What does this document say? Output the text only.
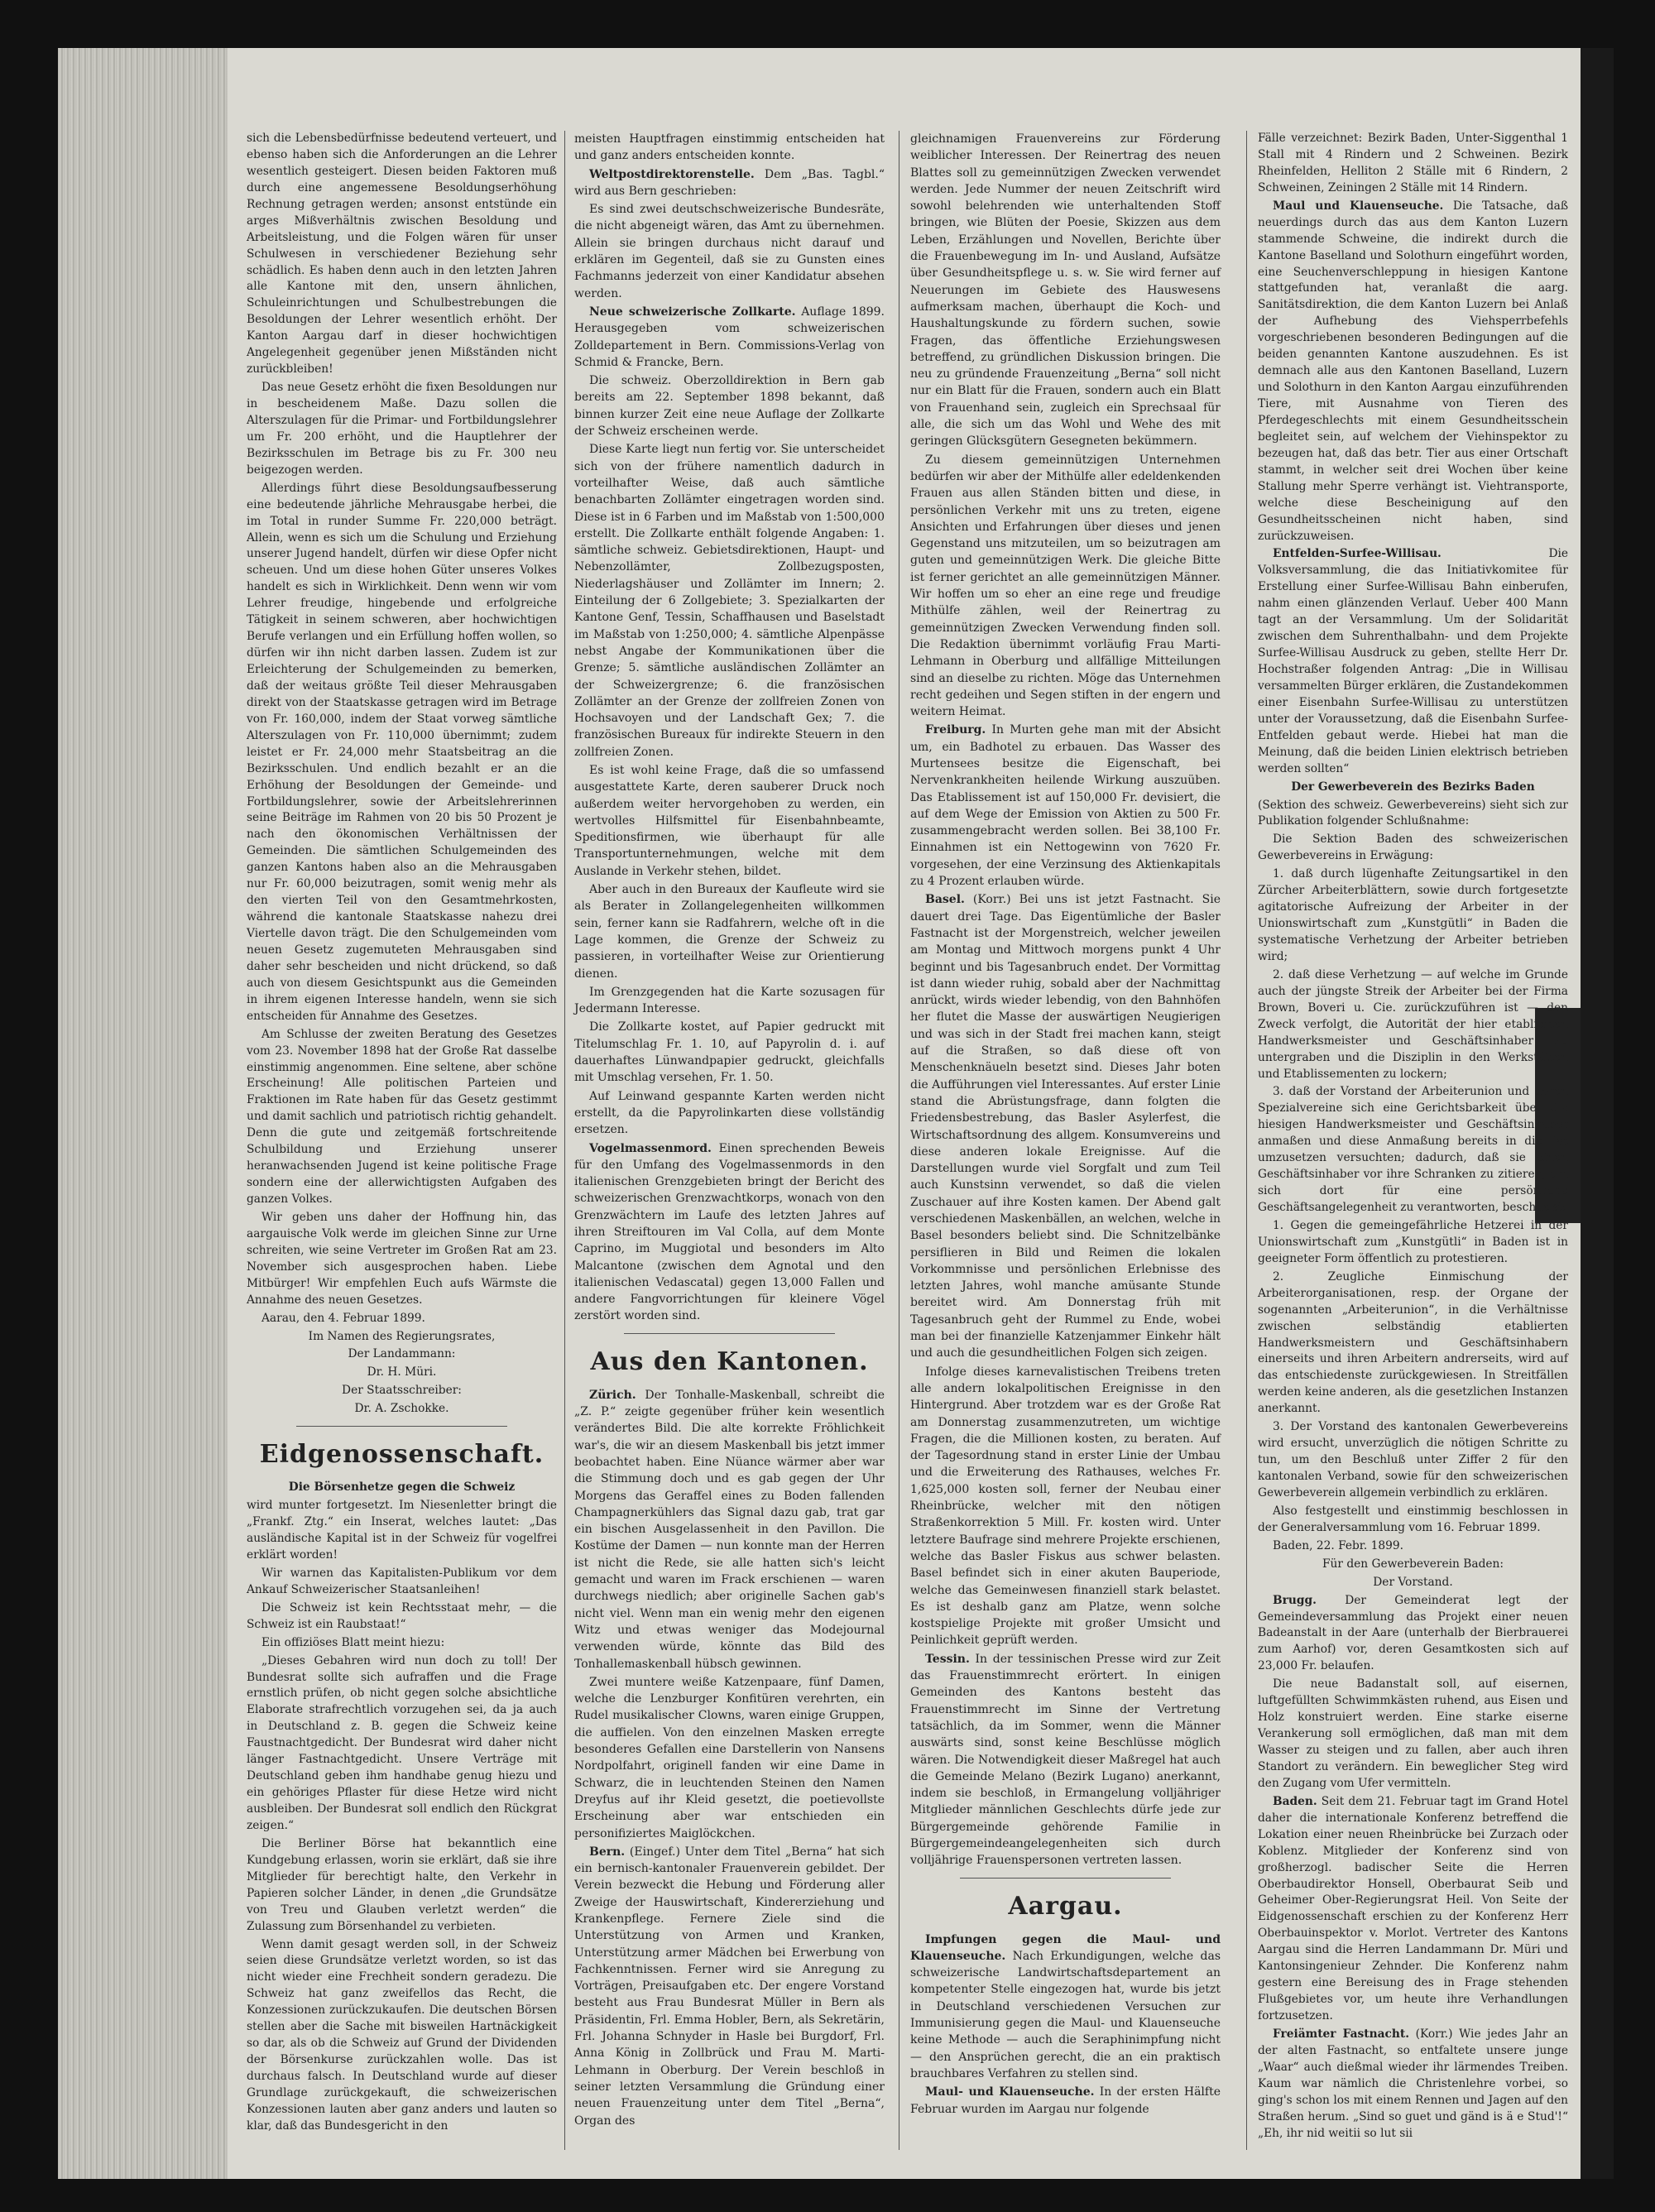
sich die Lebensbedürfnisse bedeutend verteuert, und ebenso haben sich die Anforderungen an die Lehrer wesentlich gesteigert. Diesen beiden Faktoren muß durch eine angemessene Besoldungserhöhung Rechnung getragen werden; ansonst entstünde ein arges Mißverhältnis zwischen Besoldung und Arbeitsleistung, und die Folgen wären für unser Schulwesen in verschiedener Beziehung sehr schädlich. Es haben denn auch in den letzten Jahren alle Kantone mit den, unsern ähnlichen, Schuleinrichtungen und Schulbestrebungen die Besoldungen der Lehrer wesentlich erhöht. Der Kanton Aargau darf in dieser hochwichtigen Angelegenheit gegenüber jenen Mißständen nicht zurückbleiben!

Das neue Gesetz erhöht die fixen Besoldungen nur in bescheidenem Maße. Dazu sollen die Alterszulagen für die Primar- und Fortbildungslehrer um Fr. 200 erhöht, und die Hauptlehrer der Bezirksschulen im Betrage bis zu Fr. 300 neu beigezogen werden.

Allerdings führt diese Besoldungsaufbesserung eine bedeutende jährliche Mehrausgabe herbei, die im Total in runder Summe Fr. 220,000 beträgt. Allein, wenn es sich um die Schulung und Erziehung unserer Jugend handelt, dürfen wir diese Opfer nicht scheuen. Und um diese hohen Güter unseres Volkes handelt es sich in Wirklichkeit. Denn wenn wir vom Lehrer freudige, hingebende und erfolgreiche Tätigkeit in seinem schweren, aber hochwichtigen Berufe verlangen und ein Erfüllung hoffen wollen, so dürfen wir ihn nicht darben lassen. Zudem ist zur Erleichterung der Schulgemeinden zu bemerken, daß der weitaus größte Teil dieser Mehrausgaben direkt von der Staatskasse getragen wird im Betrage von Fr. 160,000, indem der Staat vorweg sämtliche Alterszulagen von Fr. 110,000 übernimmt; zudem leistet er Fr. 24,000 mehr Staatsbeitrag an die Bezirksschulen. Und endlich bezahlt er an die Erhöhung der Besoldungen der Gemeinde- und Fortbildungslehrer, sowie der Arbeitslehrerinnen seine Beiträge im Rahmen von 20 bis 50 Prozent je nach den ökonomischen Verhältnissen der Gemeinden. Die sämtlichen Schulgemeinden des ganzen Kantons haben also an die Mehrausgaben nur Fr. 60,000 beizutragen, somit wenig mehr als den vierten Teil von den Gesamtmehrkosten, während die kantonale Staatskasse nahezu drei Viertelle davon trägt. Die den Schulgemeinden vom neuen Gesetz zugemuteten Mehrausgaben sind daher sehr bescheiden und nicht drückend, so daß auch von diesem Gesichtspunkt aus die Gemeinden in ihrem eigenen Interesse handeln, wenn sie sich entscheiden für Annahme des Gesetzes.

Am Schlusse der zweiten Beratung des Gesetzes vom 23. November 1898 hat der Große Rat dasselbe einstimmig angenommen. Eine seltene, aber schöne Erscheinung! Alle politischen Parteien und Fraktionen im Rate haben für das Gesetz gestimmt und damit sachlich und patriotisch richtig gehandelt. Denn die gute und zeitgemäß fortschreitende Schulbildung und Erziehung unserer heranwachsenden Jugend ist keine politische Frage sondern eine der allerwichtigsten Aufgaben des ganzen Volkes.

Wir geben uns daher der Hoffnung hin, das aargauische Volk werde im gleichen Sinne zur Urne schreiten, wie seine Vertreter im Großen Rat am 23. November sich ausgesprochen haben. Liebe Mitbürger! Wir empfehlen Euch aufs Wärmste die Annahme des neuen Gesetzes.

Aarau, den 4. Februar 1899.

Im Namen des Regierungsrates,

Der Landammann:

Dr. H. Müri.

Der Staatsschreiber:

Dr. A. Zschokke.

Eidgenossenschaft.

Die Börsenhetze gegen die Schweiz

wird munter fortgesetzt. Im Niesenletter bringt die „Frankf. Ztg.“ ein Inserat, welches lautet: „Das ausländische Kapital ist in der Schweiz für vogelfrei erklärt worden!

Wir warnen das Kapitalisten-Publikum vor dem Ankauf Schweizerischer Staatsanleihen!

Die Schweiz ist kein Rechtsstaat mehr, — die Schweiz ist ein Raubstaat!“

Ein offiziöses Blatt meint hiezu:

„Dieses Gebahren wird nun doch zu toll! Der Bundesrat sollte sich aufraffen und die Frage ernstlich prüfen, ob nicht gegen solche absichtliche Elaborate strafrechtlich vorzugehen sei, da ja auch in Deutschland z. B. gegen die Schweiz keine Faustnachtgedicht. Der Bundesrat wird daher nicht länger Fastnachtgedicht. Unsere Verträge mit Deutschland geben ihm handhabe genug hiezu und ein gehöriges Pflaster für diese Hetze wird nicht ausbleiben. Der Bundesrat soll endlich den Rückgrat zeigen.“

Die Berliner Börse hat bekanntlich eine Kundgebung erlassen, worin sie erklärt, daß sie ihre Mitglieder für berechtigt halte, den Verkehr in Papieren solcher Länder, in denen „die Grundsätze von Treu und Glauben verletzt werden“ die Zulassung zum Börsenhandel zu verbieten.

Wenn damit gesagt werden soll, in der Schweiz seien diese Grundsätze verletzt worden, so ist das nicht wieder eine Frechheit sondern geradezu. Die Schweiz hat ganz zweifellos das Recht, die Konzessionen zurückzukaufen. Die deutschen Börsen stellen aber die Sache mit bisweilen Hartnäckigkeit so dar, als ob die Schweiz auf Grund der Dividenden der Börsenkurse zurückzahlen wolle. Das ist durchaus falsch. In Deutschland wurde auf dieser Grundlage zurückgekauft, die schweizerischen Konzessionen lauten aber ganz anders und lauten so klar, daß das Bundesgericht in den

meisten Hauptfragen einstimmig entscheiden hat und ganz anders entscheiden konnte.

Weltpostdirektorenstelle. Dem „Bas. Tagbl.“ wird aus Bern geschrieben:

Es sind zwei deutschschweizerische Bundesräte, die nicht abgeneigt wären, das Amt zu übernehmen. Allein sie bringen durchaus nicht darauf und erklären im Gegenteil, daß sie zu Gunsten eines Fachmanns jederzeit von einer Kandidatur absehen werden.

Neue schweizerische Zollkarte. Auflage 1899. Herausgegeben vom schweizerischen Zolldepartement in Bern. Commissions-Verlag von Schmid & Francke, Bern.

Die schweiz. Oberzolldirektion in Bern gab bereits am 22. September 1898 bekannt, daß binnen kurzer Zeit eine neue Auflage der Zollkarte der Schweiz erscheinen werde.

Diese Karte liegt nun fertig vor. Sie unterscheidet sich von der frühere namentlich dadurch in vorteilhafter Weise, daß auch sämtliche benachbarten Zollämter eingetragen worden sind. Diese ist in 6 Farben und im Maßstab von 1:500,000 erstellt. Die Zollkarte enthält folgende Angaben: 1. sämtliche schweiz. Gebietsdirektionen, Haupt- und Nebenzollämter, Zollbezugsposten, Niederlagshäuser und Zollämter im Innern; 2. Einteilung der 6 Zollgebiete; 3. Spezialkarten der Kantone Genf, Tessin, Schaffhausen und Baselstadt im Maßstab von 1:250,000; 4. sämtliche Alpenpässe nebst Angabe der Kommunikationen über die Grenze; 5. sämtliche ausländischen Zollämter an der Schweizergrenze; 6. die französischen Zollämter an der Grenze der zollfreien Zonen von Hochsavoyen und der Landschaft Gex; 7. die französischen Bureaux für indirekte Steuern in den zollfreien Zonen.

Es ist wohl keine Frage, daß die so umfassend ausgestattete Karte, deren sauberer Druck noch außerdem weiter hervorgehoben zu werden, ein wertvolles Hilfsmittel für Eisenbahnbeamte, Speditionsfirmen, wie überhaupt für alle Transportunternehmungen, welche mit dem Auslande in Verkehr stehen, bildet.

Aber auch in den Bureaux der Kaufleute wird sie als Berater in Zollangelegenheiten willkommen sein, ferner kann sie Radfahrern, welche oft in die Lage kommen, die Grenze der Schweiz zu passieren, in vorteilhafter Weise zur Orientierung dienen.

Im Grenzgegenden hat die Karte sozusagen für Jedermann Interesse.

Die Zollkarte kostet, auf Papier gedruckt mit Titelumschlag Fr. 1. 10, auf Papyrolin d. i. auf dauerhaftes Lünwandpapier gedruckt, gleichfalls mit Umschlag versehen, Fr. 1. 50.

Auf Leinwand gespannte Karten werden nicht erstellt, da die Papyrolinkarten diese vollständig ersetzen.

Vogelmassenmord. Einen sprechenden Beweis für den Umfang des Vogelmassenmords in den italienischen Grenzgebieten bringt der Bericht des schweizerischen Grenzwachtkorps, wonach von den Grenzwächtern im Laufe des letzten Jahres auf ihren Streiftouren im Val Colla, auf dem Monte Caprino, im Muggiotal und besonders im Alto Malcantone (zwischen dem Agnotal und den italienischen Vedascatal) gegen 13,000 Fallen und andere Fangvorrichtungen für kleinere Vögel zerstört worden sind.

Aus den Kantonen.

Zürich. Der Tonhalle-Maskenball, schreibt die „Z. P.“ zeigte gegenüber früher kein wesentlich verändertes Bild. Die alte korrekte Fröhlichkeit war's, die wir an diesem Maskenball bis jetzt immer beobachtet haben. Eine Nüance wärmer aber war die Stimmung doch und es gab gegen der Uhr Morgens das Geraffel eines zu Boden fallenden Champagnerkühlers das Signal dazu gab, trat gar ein bischen Ausgelassenheit in den Pavillon. Die Kostüme der Damen — nun konnte man der Herren ist nicht die Rede, sie alle hatten sich's leicht gemacht und waren im Frack erschienen — waren durchwegs niedlich; aber originelle Sachen gab's nicht viel. Wenn man ein wenig mehr den eigenen Witz und etwas weniger das Modejournal verwenden würde, könnte das Bild des Tonhallemaskenball hübsch gewinnen.

Zwei muntere weiße Katzenpaare, fünf Damen, welche die Lenzburger Konfitüren verehrten, ein Rudel musikalischer Clowns, waren einige Gruppen, die auffielen. Von den einzelnen Masken erregte besonderes Gefallen eine Darstellerin von Nansens Nordpolfahrt, originell fanden wir eine Dame in Schwarz, die in leuchtenden Steinen den Namen Dreyfus auf ihr Kleid gesetzt, die poetievollste Erscheinung aber war entschieden ein personifiziertes Maiglöckchen.

Bern. (Eingef.) Unter dem Titel „Berna“ hat sich ein bernisch-kantonaler Frauenverein gebildet. Der Verein bezweckt die Hebung und Förderung aller Zweige der Hauswirtschaft, Kindererziehung und Krankenpflege. Fernere Ziele sind die Unterstützung von Armen und Kranken, Unterstützung armer Mädchen bei Erwerbung von Fachkenntnissen. Ferner wird sie Anregung zu Vorträgen, Preisaufgaben etc. Der engere Vorstand besteht aus Frau Bundesrat Müller in Bern als Präsidentin, Frl. Emma Hobler, Bern, als Sekretärin, Frl. Johanna Schnyder in Hasle bei Burgdorf, Frl. Anna König in Zollbrück und Frau M. Marti-Lehmann in Oberburg. Der Verein beschloß in seiner letzten Versammlung die Gründung einer neuen Frauenzeitung unter dem Titel „Berna“, Organ des

gleichnamigen Frauenvereins zur Förderung weiblicher Interessen. Der Reinertrag des neuen Blattes soll zu gemeinnützigen Zwecken verwendet werden. Jede Nummer der neuen Zeitschrift wird sowohl belehrenden wie unterhaltenden Stoff bringen, wie Blüten der Poesie, Skizzen aus dem Leben, Erzählungen und Novellen, Berichte über die Frauenbewegung im In- und Ausland, Aufsätze über Gesundheitspflege u. s. w. Sie wird ferner auf Neuerungen im Gebiete des Hauswesens aufmerksam machen, überhaupt die Koch- und Haushaltungskunde zu fördern suchen, sowie Fragen, das öffentliche Erziehungswesen betreffend, zu gründlichen Diskussion bringen. Die neu zu gründende Frauenzeitung „Berna“ soll nicht nur ein Blatt für die Frauen, sondern auch ein Blatt von Frauenhand sein, zugleich ein Sprechsaal für alle, die sich um das Wohl und Wehe des mit geringen Glücksgütern Gesegneten bekümmern.

Zu diesem gemeinnützigen Unternehmen bedürfen wir aber der Mithülfe aller edeldenkenden Frauen aus allen Ständen bitten und diese, in persönlichen Verkehr mit uns zu treten, eigene Ansichten und Erfahrungen über dieses und jenen Gegenstand uns mitzuteilen, um so beizutragen am guten und gemeinnützigen Werk. Die gleiche Bitte ist ferner gerichtet an alle gemeinnützigen Männer. Wir hoffen um so eher an eine rege und freudige Mithülfe zählen, weil der Reinertrag zu gemeinnützigen Zwecken Verwendung finden soll. Die Redaktion übernimmt vorläufig Frau Marti-Lehmann in Oberburg und allfällige Mitteilungen sind an dieselbe zu richten. Möge das Unternehmen recht gedeihen und Segen stiften in der engern und weitern Heimat.

Freiburg. In Murten gehe man mit der Absicht um, ein Badhotel zu erbauen. Das Wasser des Murtensees besitze die Eigenschaft, bei Nervenkrankheiten heilende Wirkung auszuüben. Das Etablissement ist auf 150,000 Fr. devisiert, die auf dem Wege der Emission von Aktien zu 500 Fr. zusammengebracht werden sollen. Bei 38,100 Fr. Einnahmen ist ein Nettogewinn von 7620 Fr. vorgesehen, der eine Verzinsung des Aktienkapitals zu 4 Prozent erlauben würde.

Basel. (Korr.) Bei uns ist jetzt Fastnacht. Sie dauert drei Tage. Das Eigentümliche der Basler Fastnacht ist der Morgenstreich, welcher jeweilen am Montag und Mittwoch morgens punkt 4 Uhr beginnt und bis Tagesanbruch endet. Der Vormittag ist dann wieder ruhig, sobald aber der Nachmittag anrückt, wirds wieder lebendig, von den Bahnhöfen her flutet die Masse der auswärtigen Neugierigen und was sich in der Stadt frei machen kann, steigt auf die Straßen, so daß diese oft von Menschenknäueln besetzt sind. Dieses Jahr boten die Aufführungen viel Interessantes. Auf erster Linie stand die Abrüstungsfrage, dann folgten die Friedensbestrebung, das Basler Asylerfest, die Wirtschaftsordnung des allgem. Konsumvereins und diese anderen lokale Ereignisse. Auf die Darstellungen wurde viel Sorgfalt und zum Teil auch Kunstsinn verwendet, so daß die vielen Zuschauer auf ihre Kosten kamen. Der Abend galt verschiedenen Maskenbällen, an welchen, welche in Basel besonders beliebt sind. Die Schnitzelbänke persiflieren in Bild und Reimen die lokalen Vorkommnisse und persönlichen Erlebnisse des letzten Jahres, wohl manche amüsante Stunde bereitet wird. Am Donnerstag früh mit Tagesanbruch geht der Rummel zu Ende, wobei man bei der finanzielle Katzenjammer Einkehr hält und auch die gesundheitlichen Folgen sich zeigen.

Infolge dieses karnevalistischen Treibens treten alle andern lokalpolitischen Ereignisse in den Hintergrund. Aber trotzdem war es der Große Rat am Donnerstag zusammenzutreten, um wichtige Fragen, die die Millionen kosten, zu beraten. Auf der Tagesordnung stand in erster Linie der Umbau und die Erweiterung des Rathauses, welches Fr. 1,625,000 kosten soll, ferner der Neubau einer Rheinbrücke, welcher mit den nötigen Straßenkorrektion 5 Mill. Fr. kosten wird. Unter letztere Baufrage sind mehrere Projekte erschienen, welche das Basler Fiskus aus schwer belasten. Basel befindet sich in einer akuten Bauperiode, welche das Gemeinwesen finanziell stark belastet. Es ist deshalb ganz am Platze, wenn solche kostspielige Projekte mit großer Umsicht und Peinlichkeit geprüft werden.

Tessin. In der tessinischen Presse wird zur Zeit das Frauenstimmrecht erörtert. In einigen Gemeinden des Kantons besteht das Frauenstimmrecht im Sinne der Vertretung tatsächlich, da im Sommer, wenn die Männer auswärts sind, sonst keine Beschlüsse möglich wären. Die Notwendigkeit dieser Maßregel hat auch die Gemeinde Melano (Bezirk Lugano) anerkannt, indem sie beschloß, in Ermangelung volljähriger Mitglieder männlichen Geschlechts dürfe jede zur Bürgergemeinde gehörende Familie in Bürgergemeindeangelegenheiten sich durch volljährige Frauenspersonen vertreten lassen.

Aargau.

Impfungen gegen die Maul- und Klauenseuche. Nach Erkundigungen, welche das schweizerische Landwirtschaftsdepartement an kompetenter Stelle eingezogen hat, wurde bis jetzt in Deutschland verschiedenen Versuchen zur Immunisierung gegen die Maul- und Klauenseuche keine Methode — auch die Seraphinimpfung nicht — den Ansprüchen gerecht, die an ein praktisch brauchbares Verfahren zu stellen sind.

Maul- und Klauenseuche. In der ersten Hälfte Februar wurden im Aargau nur folgende

Fälle verzeichnet: Bezirk Baden, Unter-Siggenthal 1 Stall mit 4 Rindern und 2 Schweinen. Bezirk Rheinfelden, Helliton 2 Ställe mit 6 Rindern, 2 Schweinen, Zeiningen 2 Ställe mit 14 Rindern.

Maul und Klauenseuche. Die Tatsache, daß neuerdings durch das aus dem Kanton Luzern stammende Schweine, die indirekt durch die Kantone Baselland und Solothurn eingeführt worden, eine Seuchenverschleppung in hiesigen Kantone stattgefunden hat, veranlaßt die aarg. Sanitätsdirektion, die dem Kanton Luzern bei Anlaß der Aufhebung des Viehsperrbefehls vorgeschriebenen besonderen Bedingungen auf die beiden genannten Kantone auszudehnen. Es ist demnach alle aus den Kantonen Baselland, Luzern und Solothurn in den Kanton Aargau einzuführenden Tiere, mit Ausnahme von Tieren des Pferdegeschlechts mit einem Gesundheitsschein begleitet sein, auf welchem der Viehinspektor zu bezeugen hat, daß das betr. Tier aus einer Ortschaft stammt, in welcher seit drei Wochen über keine Stallung mehr Sperre verhängt ist. Viehtransporte, welche diese Bescheinigung auf den Gesundheitsscheinen nicht haben, sind zurückzuweisen.

Entfelden-Surfee-Willisau.	Die Volksversammlung, die das Initiativkomitee für Erstellung einer Surfee-Willisau Bahn einberufen, nahm einen glänzenden Verlauf. Ueber 400 Mann tagt an der Versammlung. Um der Solidarität zwischen dem Suhrenthalbahn- und dem Projekte Surfee-Willisau Ausdruck zu geben, stellte Herr Dr. Hochstraßer folgenden Antrag: „Die in Willisau versammelten Bürger erklären, die Zustandekommen einer Eisenbahn Surfee-Willisau zu unterstützen unter der Voraussetzung, daß die Eisenbahn Surfee-Entfelden gebaut werde. Hiebei hat man die Meinung, daß die beiden Linien elektrisch betrieben werden sollten“

Der Gewerbeverein des Bezirks Baden

(Sektion des schweiz. Gewerbevereins) sieht sich zur Publikation folgender Schlußnahme:

Die Sektion Baden des schweizerischen Gewerbevereins in Erwägung:

1. daß durch lügenhafte Zeitungsartikel in den Zürcher Arbeiterblättern, sowie durch fortgesetzte agitatorische Aufreizung der Arbeiter in der Unionswirtschaft zum „Kunstgütli“ in Baden die systematische Verhetzung der Arbeiter betrieben wird;

2. daß diese Verhetzung — auf welche im Grunde auch der jüngste Streik der Arbeiter bei der Firma Brown, Boveri u. Cie. zurückzuführen ist — den Zweck verfolgt, die Autorität der hier etablierten Handwerksmeister und Geschäftsinhaber zu untergraben und die Disziplin in den Werkstätten und Etablissementen zu lockern;

3. daß der Vorstand der Arbeiterunion und deren Spezialvereine sich eine Gerichtsbarkeit über die hiesigen Handwerksmeister und Geschäftsinhaber anmaßen und diese Anmaßung bereits in die Tat umzusetzen versuchten; dadurch, daß sie einen Geschäftsinhaber vor ihre Schranken zu zitieren, um sich dort für eine persönliche Geschäftsangelegenheit zu verantworten, beschließt:

1. Gegen die gemeingefährliche Hetzerei in der Unionswirtschaft zum „Kunstgütli“ in Baden ist in geeigneter Form öffentlich zu protestieren.

2. Zeugliche Einmischung der Arbeiterorganisationen, resp. der Organe der sogenannten „Arbeiterunion“, in die Verhältnisse zwischen selbständig etablierten Handwerksmeistern und Geschäftsinhabern einerseits und ihren Arbeitern andrerseits, wird auf das entschiedenste zurückgewiesen. In Streitfällen werden keine anderen, als die gesetzlichen Instanzen anerkannt.

3. Der Vorstand des kantonalen Gewerbevereins wird ersucht, unverzüglich die nötigen Schritte zu tun, um den Beschluß unter Ziffer 2 für den kantonalen Verband, sowie für den schweizerischen Gewerbeverein allgemein verbindlich zu erklären.

Also festgestellt und einstimmig beschlossen in der Generalversammlung vom 16. Februar 1899.

Baden, 22. Febr. 1899.

Für den Gewerbeverein Baden:

Der Vorstand.

Brugg. Der Gemeinderat legt der Gemeindeversammlung das Projekt einer neuen Badeanstalt in der Aare (unterhalb der Bierbrauerei zum Aarhof) vor, deren Gesamtkosten sich auf 23,000 Fr. belaufen.

Die neue Badanstalt soll, auf eisernen, luftgefüllten Schwimmkästen ruhend, aus Eisen und Holz konstruiert werden. Eine starke eiserne Verankerung soll ermöglichen, daß man mit dem Wasser zu steigen und zu fallen, aber auch ihren Standort zu verändern. Ein beweglicher Steg wird den Zugang vom Ufer vermitteln.

Baden. Seit dem 21. Februar tagt im Grand Hotel daher die internationale Konferenz betreffend die Lokation einer neuen Rheinbrücke bei Zurzach oder Koblenz. Mitglieder der Konferenz sind von großherzogl. badischer Seite die Herren Oberbaudirektor Honsell, Oberbaurat Seib und Geheimer Ober-Regierungsrat Heil. Von Seite der Eidgenossenschaft erschien zu der Konferenz Herr Oberbauinspektor v. Morlot. Vertreter des Kantons Aargau sind die Herren Landammann Dr. Müri und Kantonsingenieur Zehnder. Die Konferenz nahm gestern eine Bereisung des in Frage stehenden Flußgebietes vor, um heute ihre Verhandlungen fortzusetzen.

Freiämter Fastnacht. (Korr.) Wie jedes Jahr an der alten Fastnacht, so entfaltete unsere junge „Waar“ auch dießmal wieder ihr lärmendes Treiben. Kaum war nämlich die Christenlehre vorbei, so ging's schon los mit einem Rennen und Jagen auf den Straßen herum. „Sind so guet und gänd is ä e Stud'!“ „Eh, ihr nid weitii so lut sii
